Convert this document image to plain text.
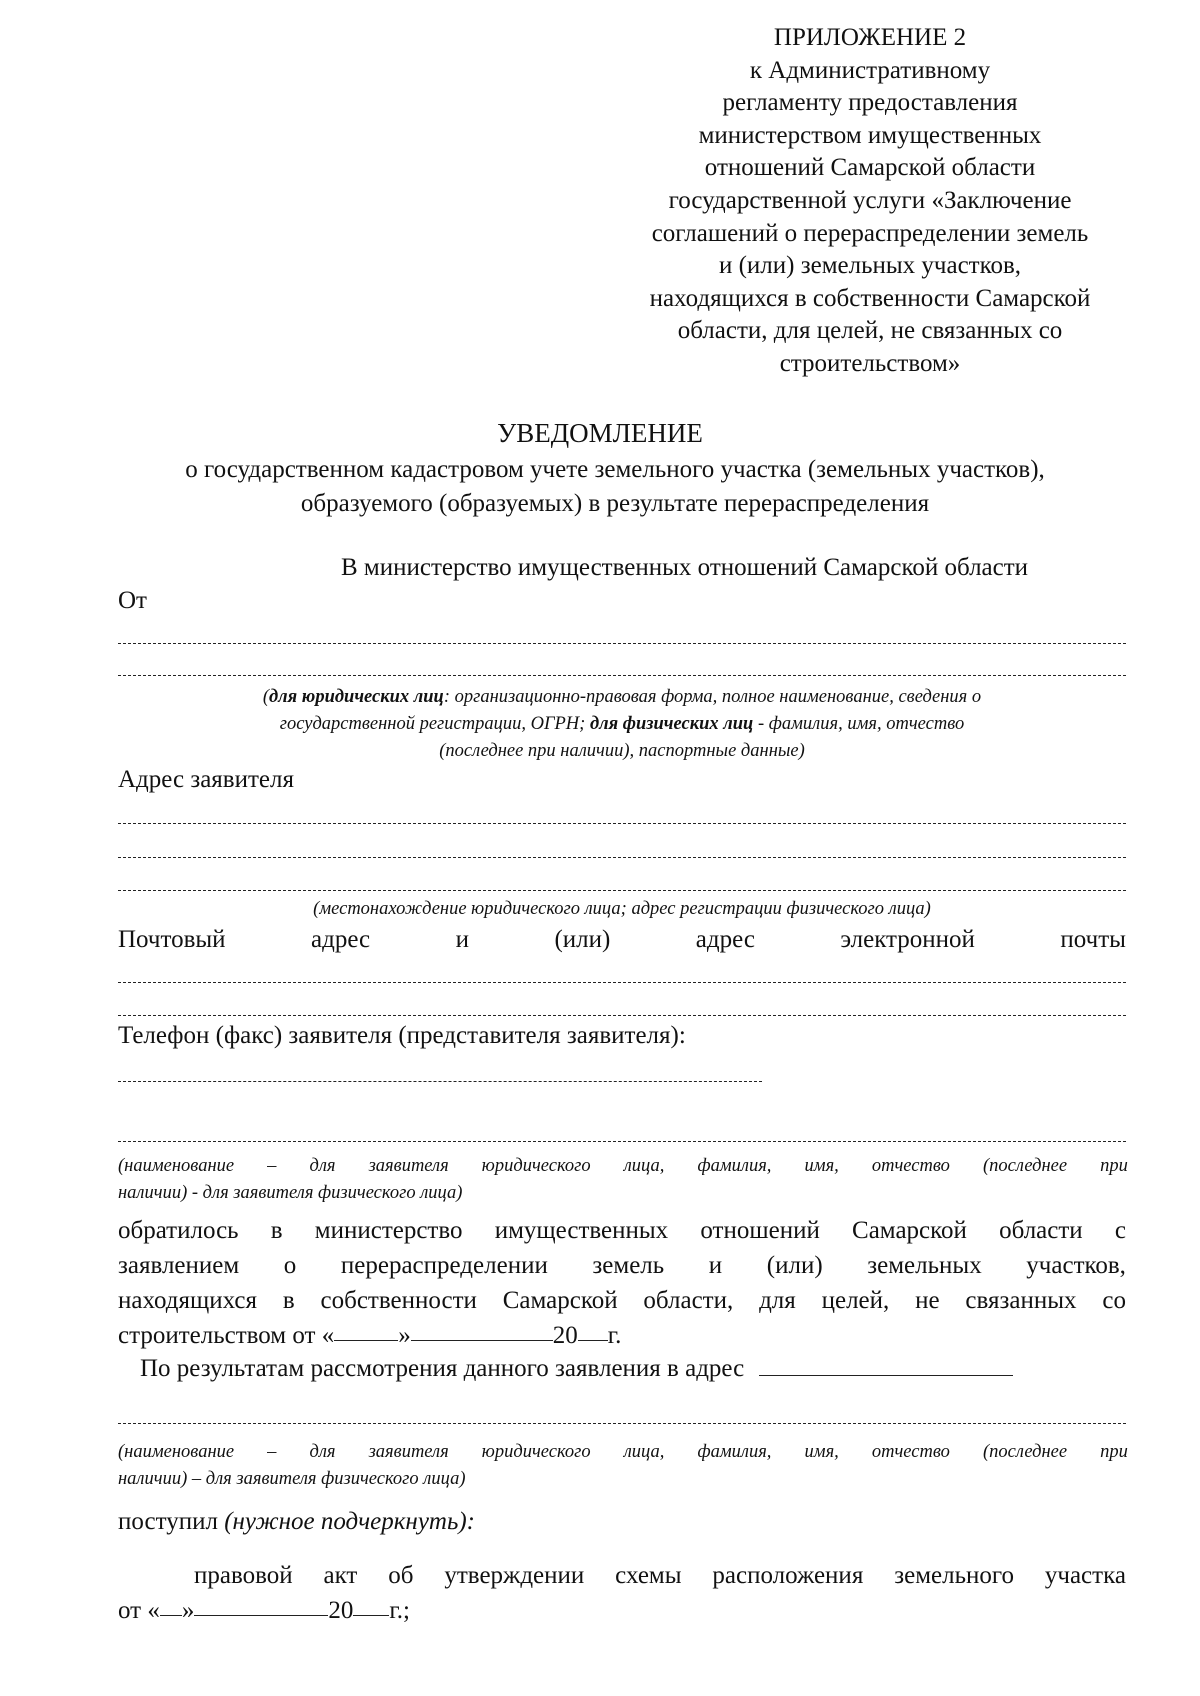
ПРИЛОЖЕНИЕ 2
к Административному
регламенту предоставления
министерством имущественных
отношений Самарской области
государственной услуги «Заключение
соглашений о перераспределении земель
и (или) земельных участков,
находящихся в собственности Самарской
области, для целей, не связанных со
строительством»
УВЕДОМЛЕНИЕ
о государственном кадастровом учете земельного участка (земельных участков),
образуемого (образуемых) в результате перераспределения
В министерство имущественных отношений Самарской области
От
(для юридических лиц: организационно-правовая форма, полное наименование, сведения о
государственной регистрации, ОГРН; для физических лиц - фамилия, имя, отчество
(последнее при наличии), паспортные данные)
Адрес заявителя
(местонахождение юридического лица; адрес регистрации физического лица)
Почтовый	адрес	и	(или)	адрес	электронной	почты
Телефон (факс) заявителя (представителя заявителя):
(наименование – для заявителя юридического лица, фамилия, имя, отчество (последнее при
наличии) - для заявителя физического лица)
обратилось в министерство имущественных отношений Самарской области с
заявлением о перераспределении земель и (или) земельных участков,
находящихся в собственности Самарской области, для целей, не связанных со
строительством от «	»	20 г.
По результатам рассмотрения данного заявления в адрес
(наименование – для заявителя юридического лица, фамилия, имя, отчество (последнее при
наличии) – для заявителя физического лица)
поступил (нужное подчеркнуть):
правовой акт об утверждении схемы расположения земельного участка
от « »	20 г.;
